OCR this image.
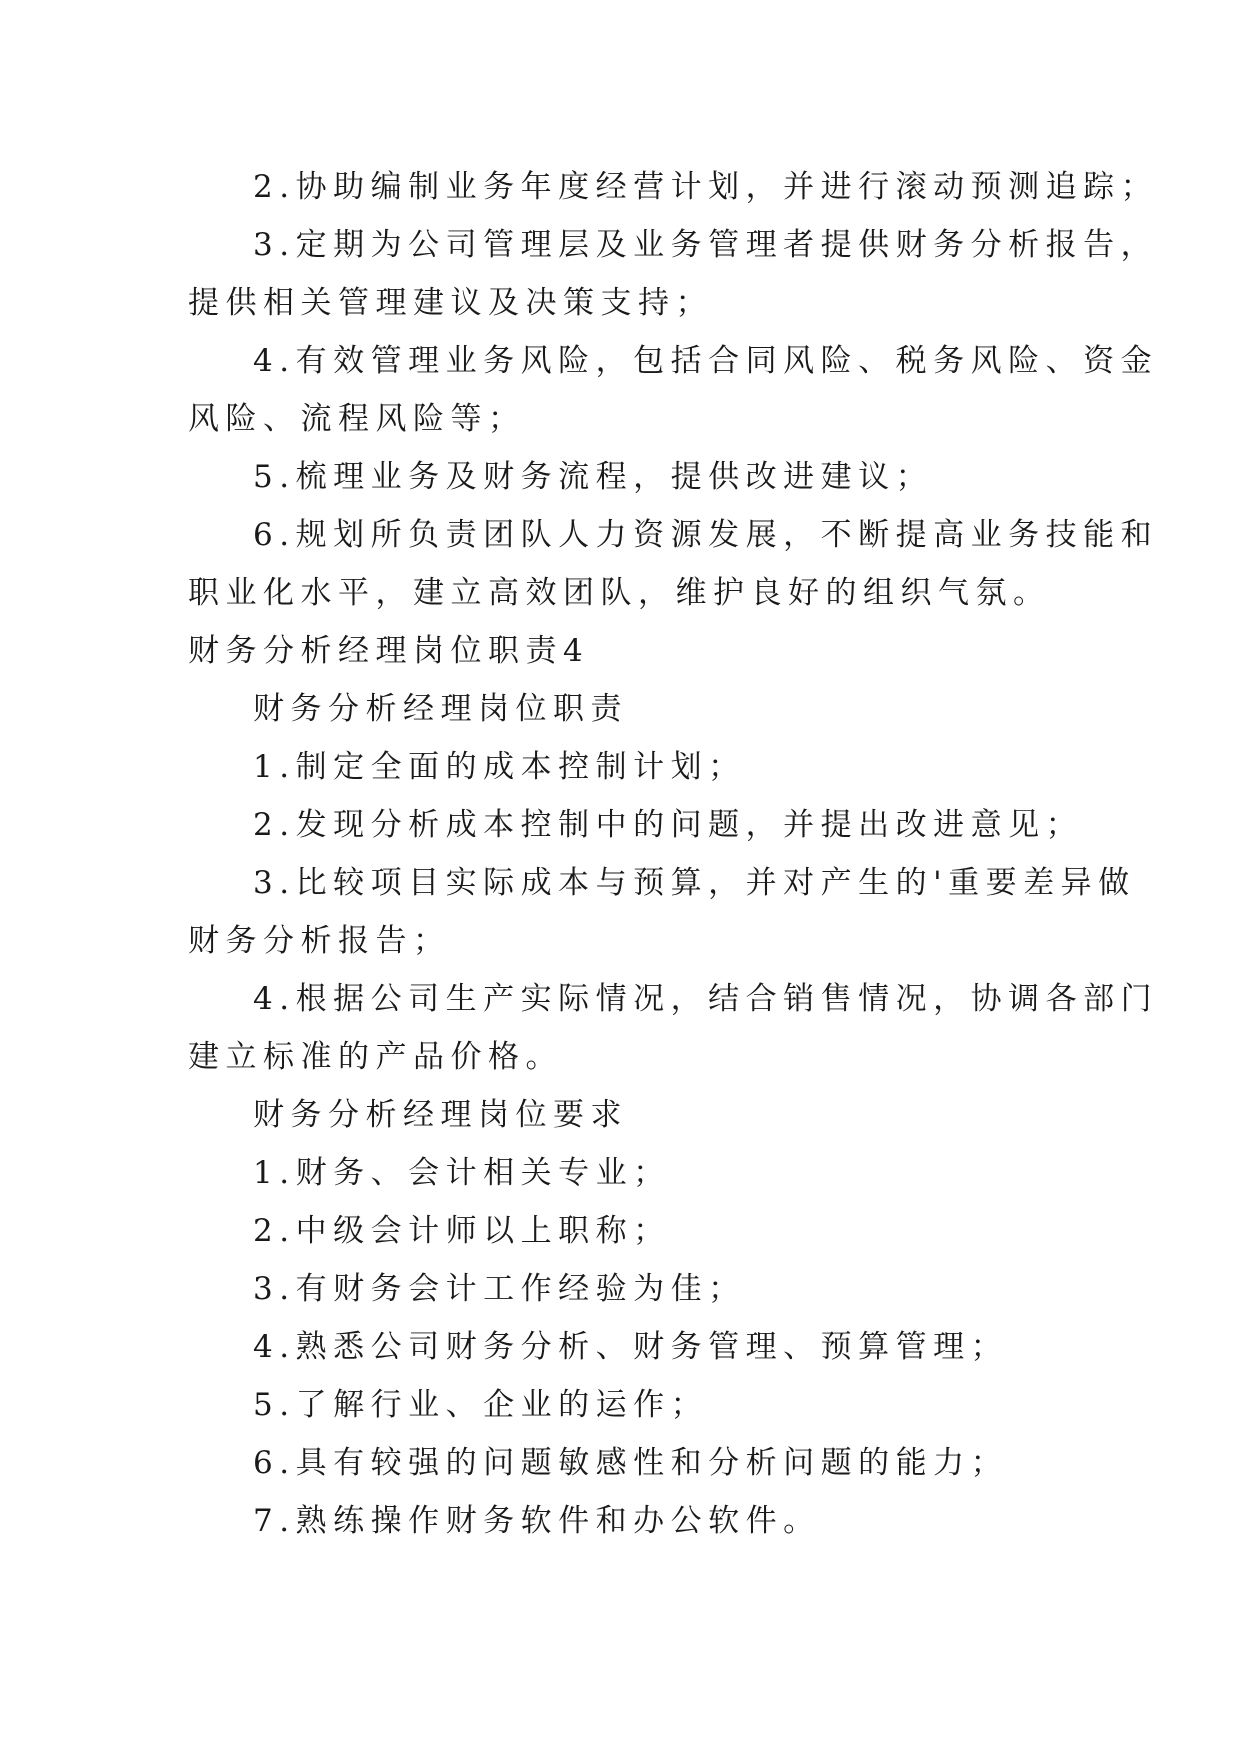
2.协助编制业务年度经营计划，并进行滚动预测追踪；
3.定期为公司管理层及业务管理者提供财务分析报告，
提供相关管理建议及决策支持；
4.有效管理业务风险，包括合同风险、税务风险、资金
风险、流程风险等；
5.梳理业务及财务流程，提供改进建议；
6.规划所负责团队人力资源发展，不断提高业务技能和
职业化水平，建立高效团队，维护良好的组织气氛。
财务分析经理岗位职责4
财务分析经理岗位职责
1.制定全面的成本控制计划；
2.发现分析成本控制中的问题，并提出改进意见；
3.比较项目实际成本与预算，并对产生的'重要差异做
财务分析报告；
4.根据公司生产实际情况，结合销售情况，协调各部门
建立标准的产品价格。
财务分析经理岗位要求
1.财务、会计相关专业；
2.中级会计师以上职称；
3.有财务会计工作经验为佳；
4.熟悉公司财务分析、财务管理、预算管理；
5.了解行业、企业的运作；
6.具有较强的问题敏感性和分析问题的能力；
7.熟练操作财务软件和办公软件。
